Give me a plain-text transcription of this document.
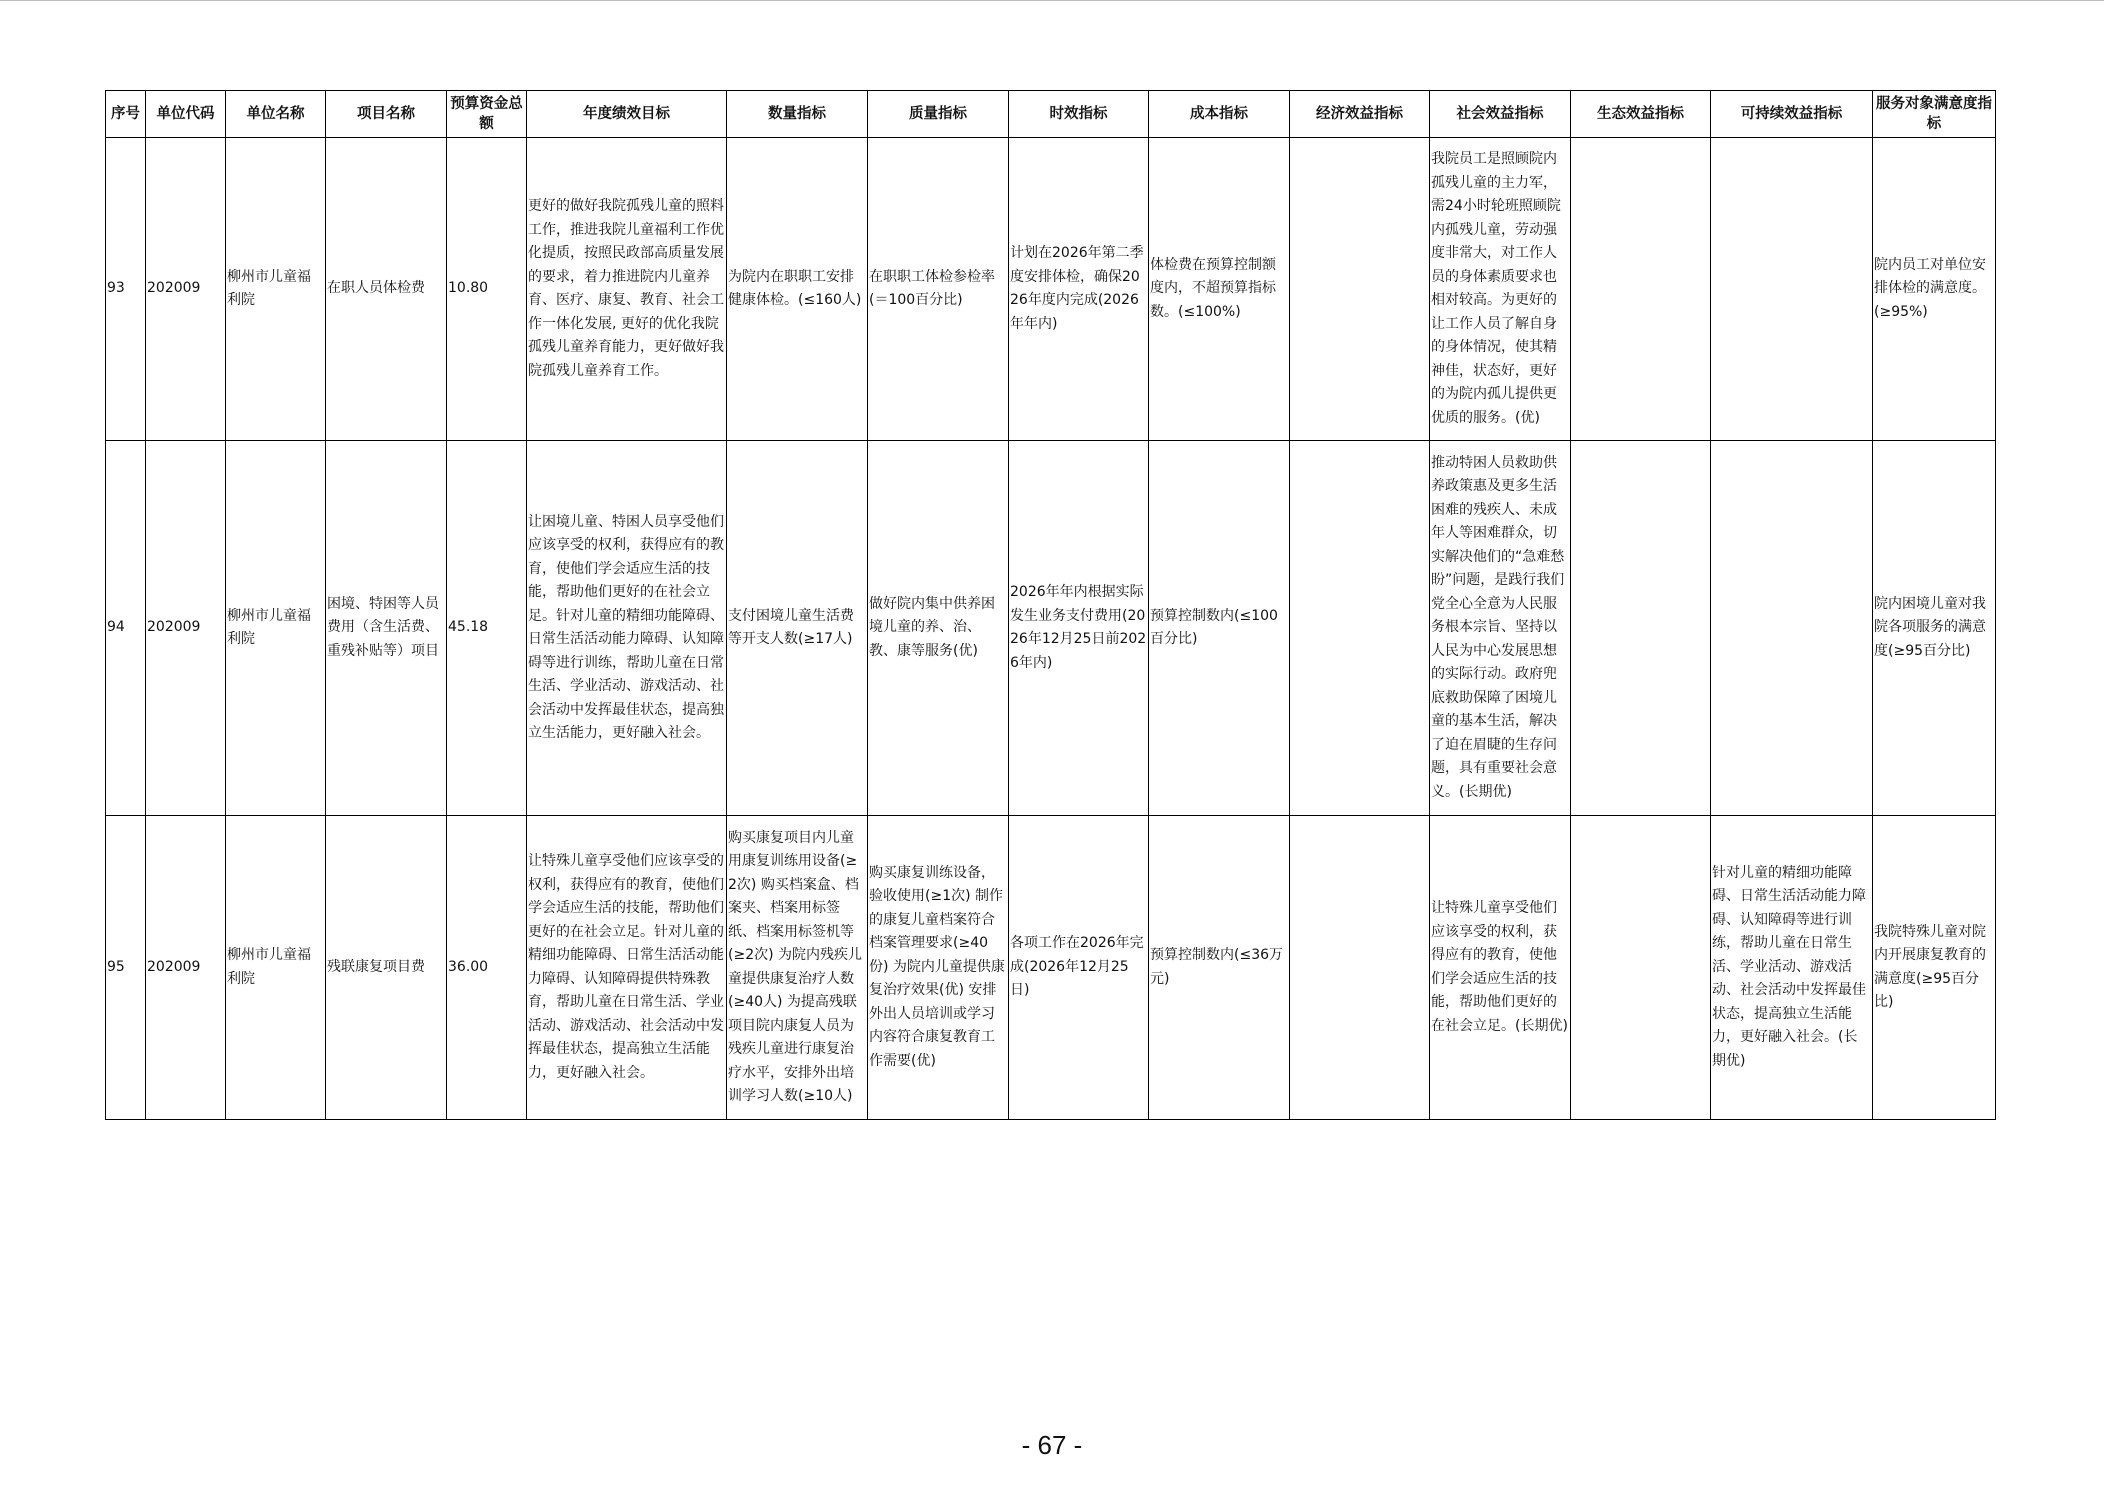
序号	单位代码	单位名称	项目名称	预算资金总额	年度绩效目标	数量指标	质量指标	时效指标	成本指标	经济效益指标	社会效益指标	生态效益指标	可持续效益指标	服务对象满意度指标
93	202009	柳州市儿童福利院	在职人员体检费	10.80	更好的做好我院孤残儿童的照料工作，推进我院儿童福利工作优化提质，按照民政部高质量发展的要求，着力推进院内儿童养育、医疗、康复、教育、社会工作一体化发展, 更好的优化我院孤残儿童养育能力，更好做好我院孤残儿童养育工作。	为院内在职职工安排健康体检。(≤160人)	在职职工体检参检率(＝100百分比)	计划在2026年第二季度安排体检，确保2026年度内完成(2026年年内)	体检费在预算控制额度内，不超预算指标数。(≤100%)		我院员工是照顾院内孤残儿童的主力军，需24小时轮班照顾院内孤残儿童，劳动强度非常大，对工作人员的身体素质要求也相对较高。为更好的让工作人员了解自身的身体情况，使其精神佳，状态好，更好的为院内孤儿提供更优质的服务。(优)			院内员工对单位安排体检的满意度。(≥95%)
94	202009	柳州市儿童福利院	困境、特困等人员费用（含生活费、重残补贴等）项目	45.18	让困境儿童、特困人员享受他们应该享受的权利，获得应有的教育，使他们学会适应生活的技能，帮助他们更好的在社会立足。针对儿童的精细功能障碍、日常生活活动能力障碍、认知障碍等进行训练，帮助儿童在日常生活、学业活动、游戏活动、社会活动中发挥最佳状态，提高独立生活能力，更好融入社会。	支付困境儿童生活费等开支人数(≥17人)	做好院内集中供养困境儿童的养、治、教、康等服务(优)	2026年年内根据实际发生业务支付费用(2026年12月25日前2026年内)	预算控制数内(≤100百分比)		推动特困人员救助供养政策惠及更多生活困难的残疾人、未成年人等困难群众，切实解决他们的“急难愁盼”问题，是践行我们党全心全意为人民服务根本宗旨、坚持以人民为中心发展思想的实际行动。政府兜底救助保障了困境儿童的基本生活，解决了迫在眉睫的生存问题，具有重要社会意义。(长期优)			院内困境儿童对我院各项服务的满意度(≥95百分比)
95	202009	柳州市儿童福利院	残联康复项目费	36.00	让特殊儿童享受他们应该享受的权利，获得应有的教育，使他们学会适应生活的技能，帮助他们更好的在社会立足。针对儿童的精细功能障碍、日常生活活动能力障碍、认知障碍提供特殊教育，帮助儿童在日常生活、学业活动、游戏活动、社会活动中发挥最佳状态，提高独立生活能力，更好融入社会。	购买康复项目内儿童用康复训练用设备(≥2次) 购买档案盒、档案夹、档案用标签纸、档案用标签机等(≥2次) 为院内残疾儿童提供康复治疗人数(≥40人) 为提高残联项目院内康复人员为残疾儿童进行康复治疗水平，安排外出培训学习人数(≥10人)	购买康复训练设备，验收使用(≥1次) 制作的康复儿童档案符合档案管理要求(≥40份) 为院内儿童提供康复治疗效果(优) 安排外出人员培训或学习内容符合康复教育工作需要(优)	各项工作在2026年完成(2026年12月25日)	预算控制数内(≤36万元)		让特殊儿童享受他们应该享受的权利，获得应有的教育，使他们学会适应生活的技能，帮助他们更好的在社会立足。(长期优)		针对儿童的精细功能障碍、日常生活活动能力障碍、认知障碍等进行训练，帮助儿童在日常生活、学业活动、游戏活动、社会活动中发挥最佳状态，提高独立生活能力，更好融入社会。(长期优)	我院特殊儿童对院内开展康复教育的满意度(≥95百分比)
- 67 -
